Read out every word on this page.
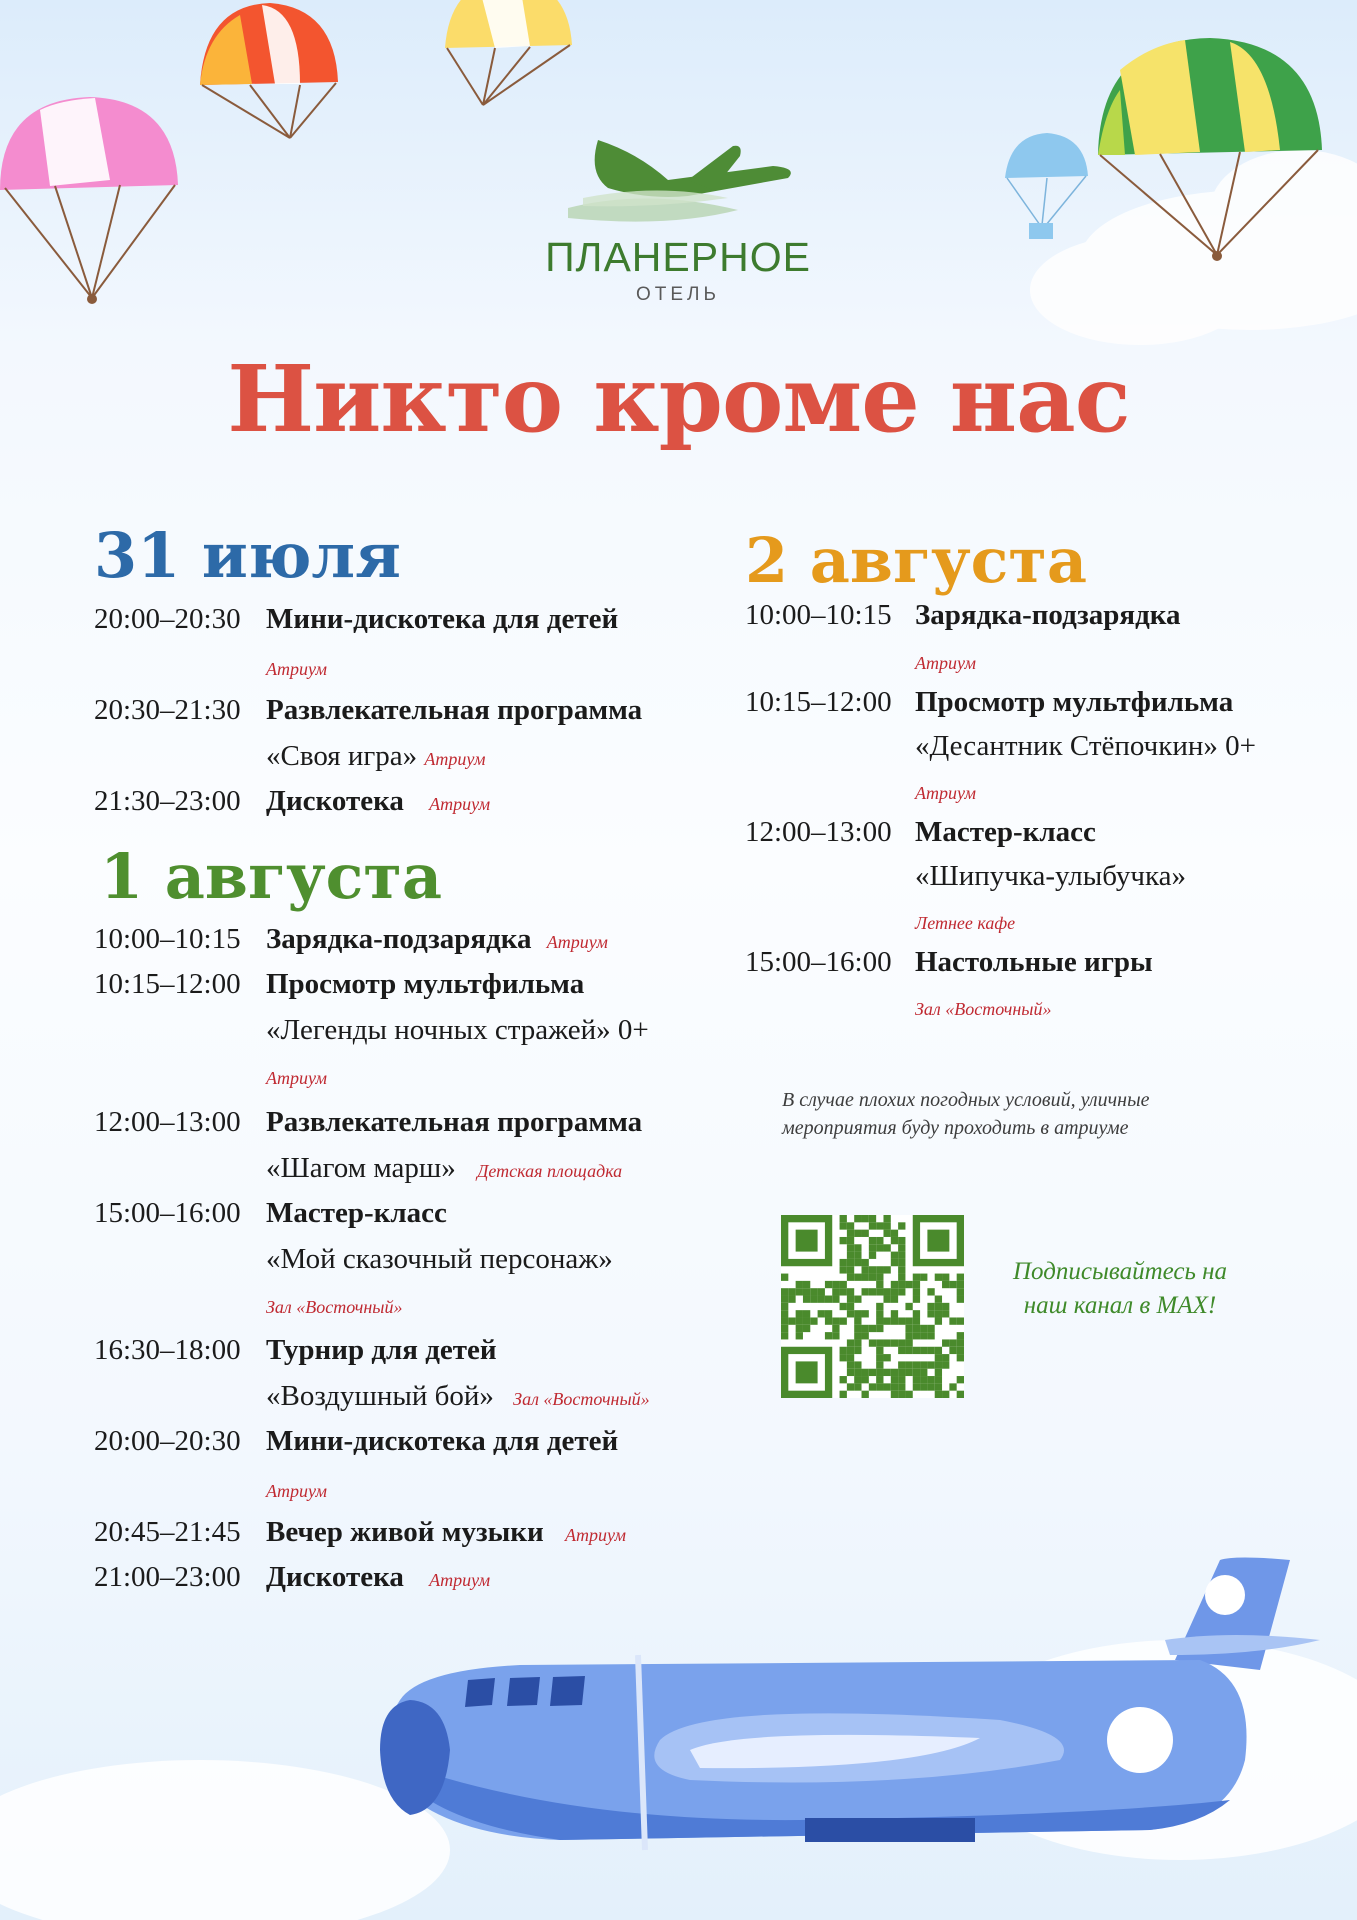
ПЛАНЕРНОЕ
ОТЕЛЬ
Никто кроме нас
31 июля
20:00–20:30 Мини-дискотека для детей
Атриум
20:30–21:30 Развлекательная программа
«Своя игра» Атриум
21:30–23:00 Дискотека Атриум
1 августа
10:00–10:15 Зарядка-подзарядка Атриум
10:15–12:00 Просмотр мультфильма
«Легенды ночных стражей» 0+
Атриум
12:00–13:00 Развлекательная программа
«Шагом марш» Детская площадка
15:00–16:00 Мастер-класс
«Мой сказочный персонаж»
Зал «Восточный»
16:30–18:00 Турнир для детей
«Воздушный бой» Зал «Восточный»
20:00–20:30 Мини-дискотека для детей
Атриум
20:45–21:45 Вечер живой музыки Атриум
21:00–23:00 Дискотека Атриум
2 августа
10:00–10:15 Зарядка-подзарядка
Атриум
10:15–12:00 Просмотр мультфильма
«Десантник Стёпочкин» 0+
Атриум
12:00–13:00 Мастер-класс
«Шипучка-улыбучка»
Летнее кафе
15:00–16:00 Настольные игры
Зал «Восточный»
В случае плохих погодных условий, уличные мероприятия буду проходить в атриуме
Подписывайтесь на наш канал в MAX!
